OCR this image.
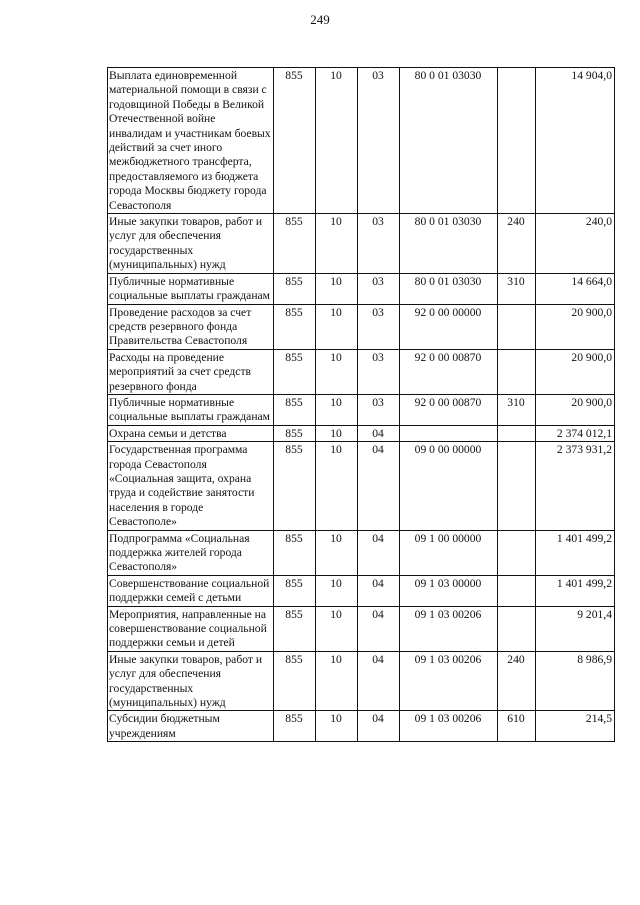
249
Выплата единовременной материальной помощи в связи с годовщиной Победы в Великой Отечественной войне инвалидам и участникам боевых действий за счет иного межбюджетного трансферта, предоставляемого из бюджета города Москвы бюджету города Севастополя	855	10	03	80 0 01 03030		14 904,0
Иные закупки товаров, работ и услуг для обеспечения государственных (муниципальных) нужд	855	10	03	80 0 01 03030	240	240,0
Публичные нормативные социальные выплаты гражданам	855	10	03	80 0 01 03030	310	14 664,0
Проведение расходов за счет средств резервного фонда Правительства Севастополя	855	10	03	92 0 00 00000		20 900,0
Расходы на проведение мероприятий за счет средств резервного фонда	855	10	03	92 0 00 00870		20 900,0
Публичные нормативные социальные выплаты гражданам	855	10	03	92 0 00 00870	310	20 900,0
Охрана семьи и детства	855	10	04			2 374 012,1
Государственная программа города Севастополя «Социальная защита, охрана труда и содействие занятости населения в городе Севастополе»	855	10	04	09 0 00 00000		2 373 931,2
Подпрограмма «Социальная поддержка жителей города Севастополя»	855	10	04	09 1 00 00000		1 401 499,2
Совершенствование социальной поддержки семей с детьми	855	10	04	09 1 03 00000		1 401 499,2
Мероприятия, направленные на совершенствование социальной поддержки семьи и детей	855	10	04	09 1 03 00206		9 201,4
Иные закупки товаров, работ и услуг для обеспечения государственных (муниципальных) нужд	855	10	04	09 1 03 00206	240	8 986,9
Субсидии бюджетным учреждениям	855	10	04	09 1 03 00206	610	214,5
